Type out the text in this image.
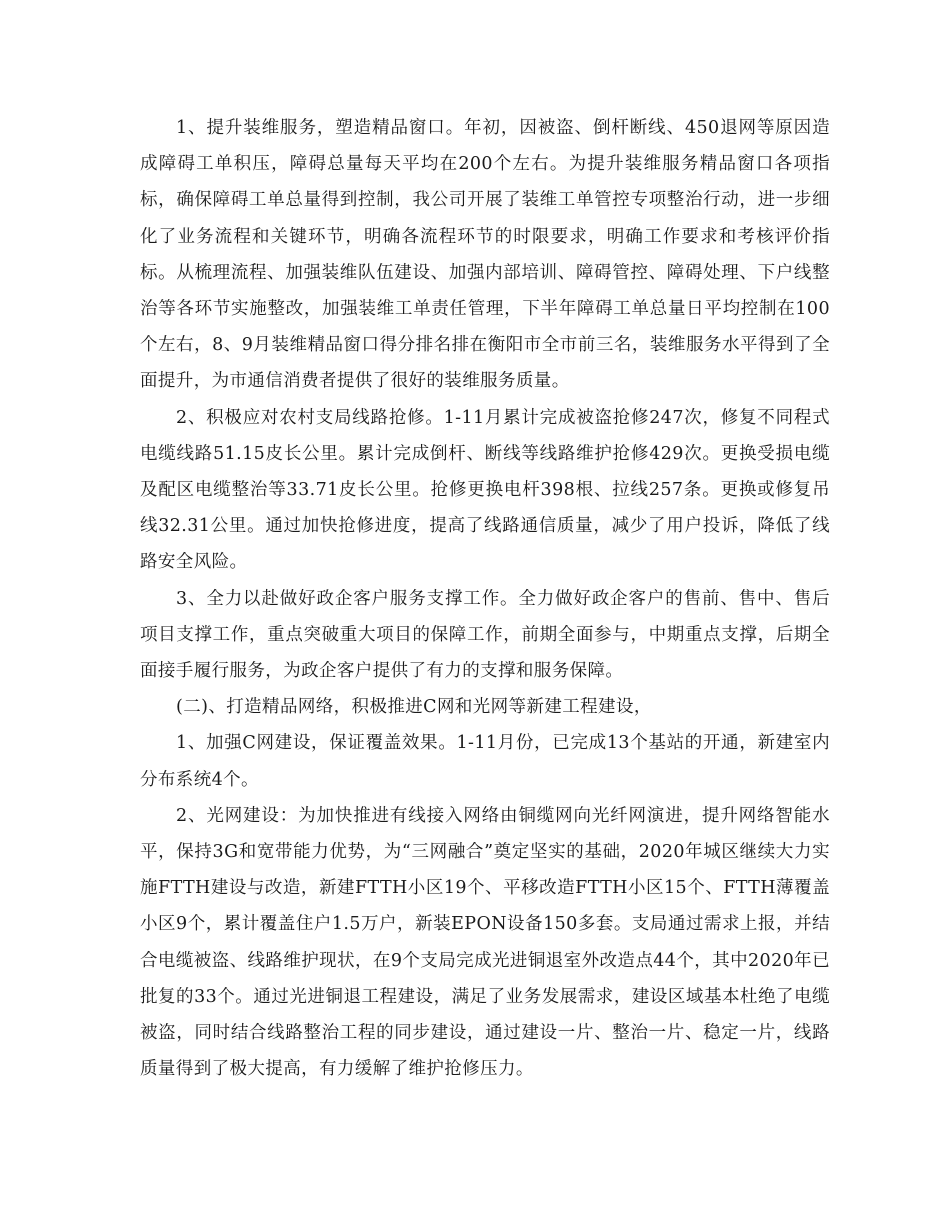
1、提升装维服务，塑造精品窗口。年初，因被盗、倒杆断线、450退网等原因造成障碍工单积压，障碍总量每天平均在200个左右。为提升装维服务精品窗口各项指标，确保障碍工单总量得到控制，我公司开展了装维工单管控专项整治行动，进一步细化了业务流程和关键环节，明确各流程环节的时限要求，明确工作要求和考核评价指标。从梳理流程、加强装维队伍建设、加强内部培训、障碍管控、障碍处理、下户线整治等各环节实施整改，加强装维工单责任管理，下半年障碍工单总量日平均控制在100个左右，8、9月装维精品窗口得分排名排在衡阳市全市前三名，装维服务水平得到了全面提升，为市通信消费者提供了很好的装维服务质量。

2、积极应对农村支局线路抢修。1-11月累计完成被盗抢修247次，修复不同程式电缆线路51.15皮长公里。累计完成倒杆、断线等线路维护抢修429次。更换受损电缆及配区电缆整治等33.71皮长公里。抢修更换电杆398根、拉线257条。更换或修复吊线32.31公里。通过加快抢修进度，提高了线路通信质量，减少了用户投诉，降低了线路安全风险。

3、全力以赴做好政企客户服务支撑工作。全力做好政企客户的售前、售中、售后项目支撑工作，重点突破重大项目的保障工作，前期全面参与，中期重点支撑，后期全面接手履行服务，为政企客户提供了有力的支撑和服务保障。

(二)、打造精品网络，积极推进C网和光网等新建工程建设，

1、加强C网建设，保证覆盖效果。1-11月份，已完成13个基站的开通，新建室内分布系统4个。

2、光网建设：为加快推进有线接入网络由铜缆网向光纤网演进，提升网络智能水平，保持3G和宽带能力优势，为“三网融合”奠定坚实的基础，2020年城区继续大力实施FTTH建设与改造，新建FTTH小区19个、平移改造FTTH小区15个、FTTH薄覆盖小区9个，累计覆盖住户1.5万户，新装EPON设备150多套。支局通过需求上报，并结合电缆被盗、线路维护现状，在9个支局完成光进铜退室外改造点44个，其中2020年已批复的33个。通过光进铜退工程建设，满足了业务发展需求，建设区域基本杜绝了电缆被盗，同时结合线路整治工程的同步建设，通过建设一片、整治一片、稳定一片，线路质量得到了极大提高，有力缓解了维护抢修压力。
